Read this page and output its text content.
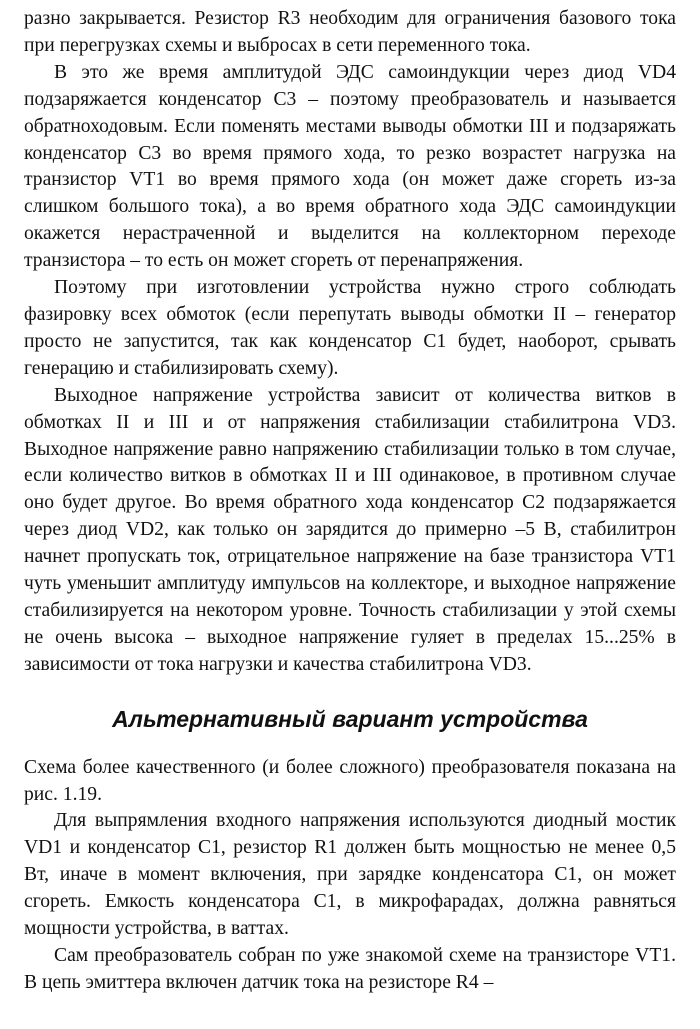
разно закрывается. Резистор R3 необходим для ограничения базового тока при перегрузках схемы и выбросах в сети переменного тока.

В это же время амплитудой ЭДС самоиндукции через диод VD4 подзаряжается конденсатор С3 – поэтому преобразователь и называется обратноходовым. Если поменять местами выводы обмотки III и подзаряжать конденсатор С3 во время прямого хода, то резко возрастет нагрузка на транзистор VT1 во время прямого хода (он может даже сгореть из-за слишком большого тока), а во время обратного хода ЭДС самоиндукции окажется нерастраченной и выделится на коллекторном переходе транзистора – то есть он может сгореть от перенапряжения.

Поэтому при изготовлении устройства нужно строго соблюдать фазировку всех обмоток (если перепутать выводы обмотки II – генератор просто не запустится, так как конденсатор С1 будет, наоборот, срывать генерацию и стабилизировать схему).

Выходное напряжение устройства зависит от количества витков в обмотках II и III и от напряжения стабилизации стабилитрона VD3. Выходное напряжение равно напряжению стабилизации только в том случае, если количество витков в обмотках II и III одинаковое, в противном случае оно будет другое. Во время обратного хода конденсатор С2 подзаряжается через диод VD2, как только он зарядится до примерно –5 В, стабилитрон начнет пропускать ток, отрицательное напряжение на базе транзистора VT1 чуть уменьшит амплитуду импульсов на коллекторе, и выходное напряжение стабилизируется на некотором уровне. Точность стабилизации у этой схемы не очень высока – выходное напряжение гуляет в пределах 15...25% в зависимости от тока нагрузки и качества стабилитрона VD3.

Альтернативный вариант устройства

Схема более качественного (и более сложного) преобразователя показана на рис. 1.19.

Для выпрямления входного напряжения используются диодный мостик VD1 и конденсатор С1, резистор R1 должен быть мощностью не менее 0,5 Вт, иначе в момент включения, при зарядке конденсатора С1, он может сгореть. Емкость конденсатора С1, в микрофарадах, должна равняться мощности устройства, в ваттах.

Сам преобразователь собран по уже знакомой схеме на транзисторе VT1. В цепь эмиттера включен датчик тока на резисторе R4 –
